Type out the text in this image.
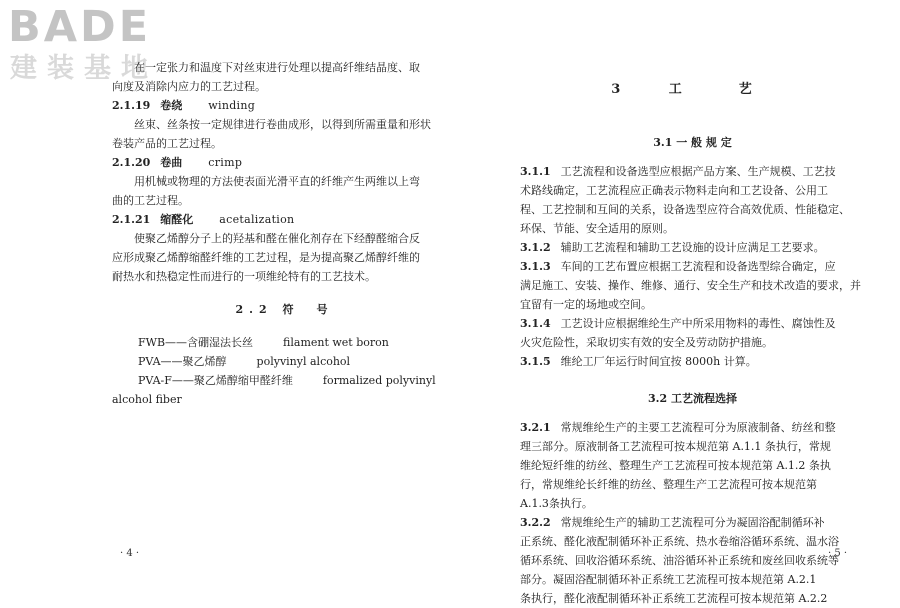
BADE
建装基地
在一定张力和温度下对丝束进行处理以提高纤维结晶度、取
向度及消除内应力的工艺过程。
2.1.19 卷绕 winding
丝束、丝条按一定规律进行卷曲成形，以得到所需重量和形状
卷装产品的工艺过程。
2.1.20 卷曲 crimp
用机械或物理的方法使表面光滑平直的纤维产生两维以上弯
曲的工艺过程。
2.1.21 缩醛化 acetalization
使聚乙烯醇分子上的羟基和醛在催化剂存在下经醇醛缩合反
应形成聚乙烯醇缩醛纤维的工艺过程，是为提高聚乙烯醇纤维的
耐热水和热稳定性而进行的一项维纶特有的工艺技术。
2.2 符　号
FWB——含硼湿法长丝	filament wet boron
PVA——聚乙烯醇	polyvinyl alcohol
PVA-F——聚乙烯醇缩甲醛纤维	formalized polyvinyl
alcohol fiber
· 4 ·
3 工　艺
3.1 一 般 规 定
3.1.1 工艺流程和设备选型应根据产品方案、生产规模、工艺技
术路线确定，工艺流程应正确表示物料走向和工艺设备、公用工
程、工艺控制和互间的关系，设备选型应符合高效优质、性能稳定、
环保、节能、安全适用的原则。
3.1.2 辅助工艺流程和辅助工艺设施的设计应满足工艺要求。
3.1.3 车间的工艺布置应根据工艺流程和设备选型综合确定，应
满足施工、安装、操作、维修、通行、安全生产和技术改造的要求，并
宜留有一定的场地或空间。
3.1.4 工艺设计应根据维纶生产中所采用物料的毒性、腐蚀性及
火灾危险性，采取切实有效的安全及劳动防护措施。
3.1.5 维纶工厂年运行时间宜按 8000h 计算。
3.2 工艺流程选择
3.2.1 常规维纶生产的主要工艺流程可分为原液制备、纺丝和整
理三部分。原液制备工艺流程可按本规范第 A.1.1 条执行，常规
维纶短纤维的纺丝、整理生产工艺流程可按本规范第 A.1.2 条执
行，常规维纶长纤维的纺丝、整理生产工艺流程可按本规范第
A.1.3条执行。
3.2.2 常规维纶生产的辅助工艺流程可分为凝固浴配制循环补
正系统、醛化液配制循环补正系统、热水卷缩浴循环系统、温水浴
循环系统、回收浴循环系统、油浴循环补正系统和废丝回收系统等
部分。凝固浴配制循环补正系统工艺流程可按本规范第 A.2.1
条执行，醛化液配制循环补正系统工艺流程可按本规范第 A.2.2
· 5 ·
